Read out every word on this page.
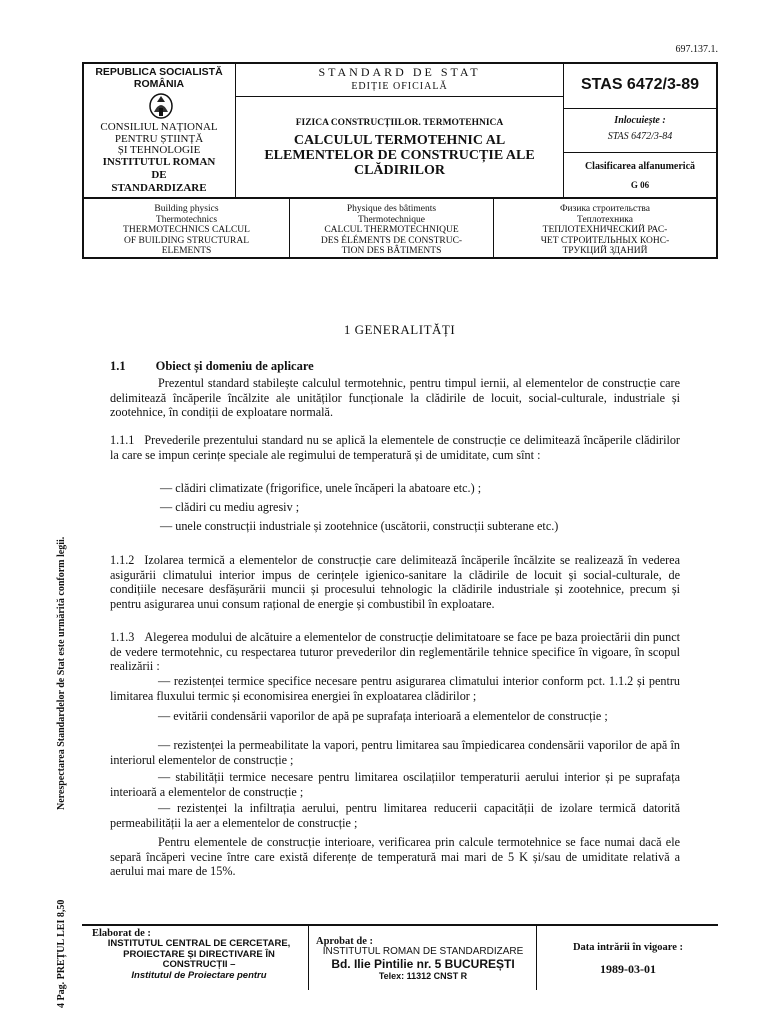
697.137.1.
REPUBLICA SOCIALISTĂ ROMÂNIA
CONSILIUL NAȚIONAL
PENTRU ȘTIINȚĂ
ȘI TEHNOLOGIE
INSTITUTUL ROMAN
DE
STANDARDIZARE
STANDARD DE STAT
EDIȚIE OFICIALĂ
FIZICA CONSTRUCȚIILOR. TERMOTEHNICA
CALCULUL TERMOTEHNIC AL
ELEMENTELOR DE CONSTRUCȚIE ALE
CLĂDIRILOR
STAS 6472/3-89
Inlocuiește :
STAS 6472/3-84
Clasificarea alfanumerică
G 06
Building physics
Thermotechnics
THERMOTECHNICS CALCUL
OF BUILDING STRUCTURAL
ELEMENTS
Physique des bâtiments
Thermotechnique
CALCUL THERMOTECHNIQUE
DES ÉLÉMENTS DE CONSTRUC-
TION DES BÂTIMENTS
Физика строительства
Теплотехника
ТЕПЛОТЕХНИЧЕСКИЙ РАС-
ЧЕТ СТРОИТЕЛЬНЫХ КОНС-
ТРУКЦИЙ ЗДАНИЙ
Nerespectarea Standardelor de Stat este urmărită conform legii.
4 Pag. PREȚUL LEI 8,50
1 GENERALITĂȚI
1.1 Obiect și domeniu de aplicare
Prezentul standard stabilește calculul termotehnic, pentru timpul iernii, al elementelor de construcție care delimitează încăperile încălzite ale unităților funcționale la clădirile de locuit, social-culturale, industriale și zootehnice, în condiții de exploatare normală.
1.1.1 Prevederile prezentului standard nu se aplică la elementele de construcție ce delimitează încăperile clădirilor la care se impun cerințe speciale ale regimului de temperatură și de umiditate, cum sînt :
— clădiri climatizate (frigorifice, unele încăperi la abatoare etc.) ;
— clădiri cu mediu agresiv ;
— unele construcții industriale și zootehnice (uscătorii, construcții subterane etc.)
1.1.2 Izolarea termică a elementelor de construcție care delimitează încăperile încălzite se realizează în vederea asigurării climatului interior impus de cerințele igienico-sanitare la clădirile de locuit și social-culturale, de condițiile necesare desfășurării muncii și procesului tehnologic la clădirile industriale și zootehnice, precum și pentru asigurarea unui consum rațional de energie și combustibil în exploatare.
1.1.3 Alegerea modului de alcătuire a elementelor de construcție delimitatoare se face pe baza proiectării din punct de vedere termotehnic, cu respectarea tuturor prevederilor din reglementările tehnice specifice în vigoare, în scopul realizării :
— rezistenței termice specifice necesare pentru asigurarea climatului interior conform pct. 1.1.2 și pentru limitarea fluxului termic și economisirea energiei în exploatarea clădirilor ;
— evitării condensării vaporilor de apă pe suprafața interioară a elementelor de construcție ;
— rezistenței la permeabilitate la vapori, pentru limitarea sau împiedicarea condensării vaporilor de apă în interiorul elementelor de construcție ;
— stabilității termice necesare pentru limitarea oscilațiilor temperaturii aerului interior și pe suprafața interioară a elementelor de construcție ;
— rezistenței la infiltrația aerului, pentru limitarea reducerii capacității de izolare termică datorită permeabilității la aer a elementelor de construcție ;
Pentru elementele de construcție interioare, verificarea prin calcule termotehnice se face numai dacă ele separă încăperi vecine între care există diferențe de temperatură mai mari de 5 K și/sau de umiditate relativă a aerului mai mare de 15%.
Elaborat de :
INSTITUTUL CENTRAL DE CERCETARE,
PROIECTARE ȘI DIRECTIVARE ÎN
CONSTRUCȚII –
Institutul de Proiectare pentru
Aprobat de :
INSTITUTUL ROMAN DE STANDARDIZARE
Bd. Ilie Pintilie nr. 5 BUCUREȘTI
Telex: 11312 CNST R
Data intrării în vigoare :
1989-03-01
